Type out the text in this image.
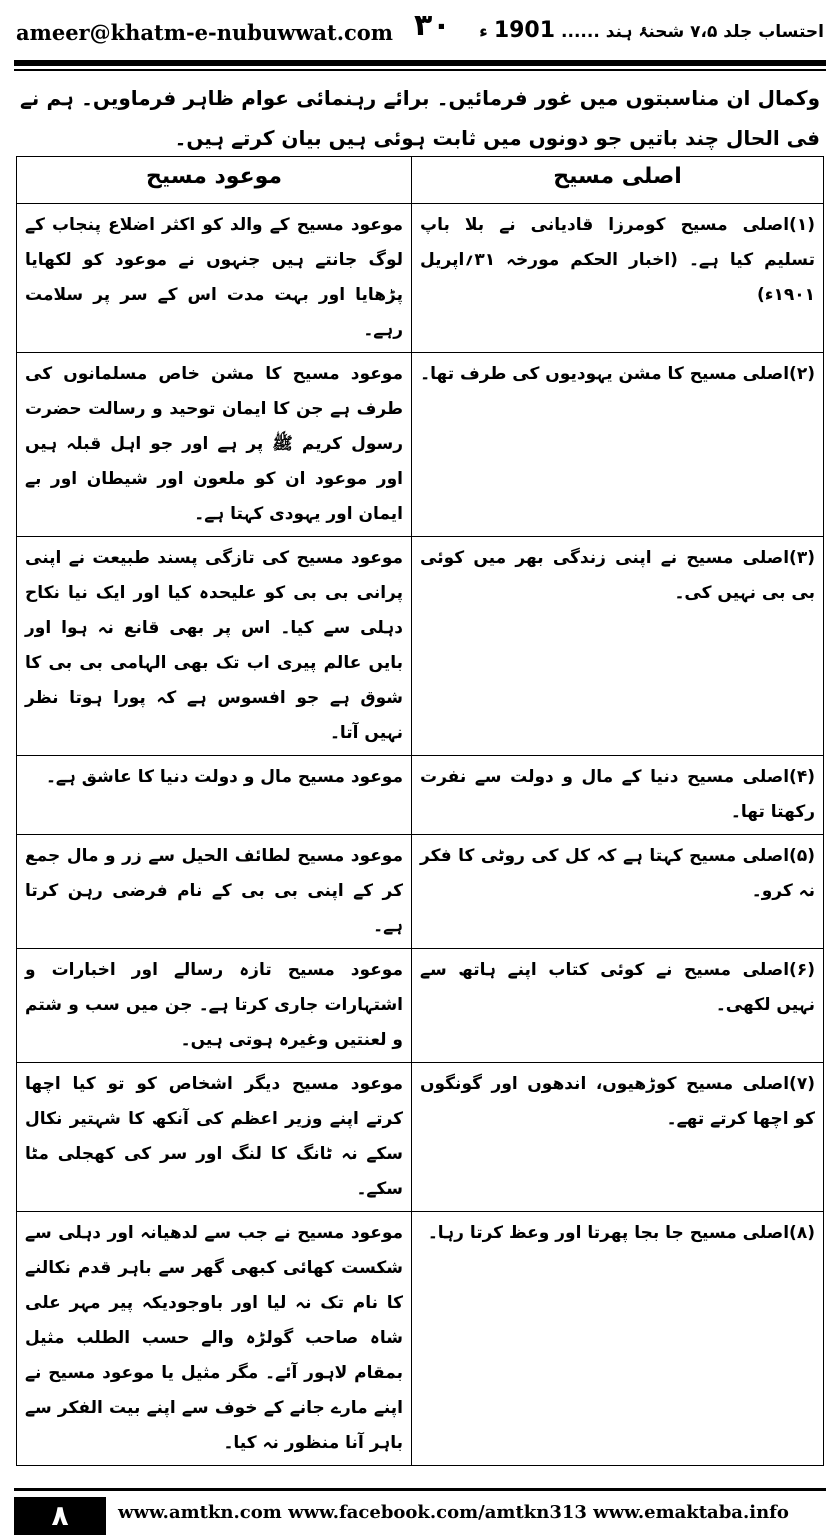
ameer@khatm-e-nubuwwat.com ۳۰	احتساب جلد ۷،۵ شحنۂ ہند ......1901ء
وکمال ان مناسبتوں میں غور فرمائیں۔ برائے رہنمائی عوام ظاہر فرماویں۔ ہم نے فی الحال چند باتیں جو دونوں میں ثابت ہوئی ہیں بیان کرتے ہیں۔
اصلی مسیح	موعود مسیح
(۱)اصلی مسیح کومرزا قادیانی نے بلا باپ تسلیم کیا ہے۔ (اخبار الحکم مورخہ ۳۱؍اپریل ۱۹۰۱ء)	موعود مسیح کے والد کو اکثر اضلاع پنجاب کے لوگ جانتے ہیں جنہوں نے موعود کو لکھایا پڑھایا اور بہت مدت اس کے سر پر سلامت رہے۔
(۲)اصلی مسیح کا مشن یہودیوں کی طرف تھا۔	موعود مسیح کا مشن خاص مسلمانوں کی طرف ہے جن کا ایمان توحید و رسالت حضرت رسول کریم ﷺ پر ہے اور جو اہل قبلہ ہیں اور موعود ان کو ملعون اور شیطان اور بے ایمان اور یہودی کہتا ہے۔
(۳)اصلی مسیح نے اپنی زندگی بھر میں کوئی بی بی نہیں کی۔	موعود مسیح کی تازگی پسند طبیعت نے اپنی پرانی بی بی کو علیحدہ کیا اور ایک نیا نکاح دہلی سے کیا۔ اس پر بھی قانع نہ ہوا اور بایں عالم پیری اب تک بھی الہامی بی بی کا شوق ہے جو افسوس ہے کہ پورا ہوتا نظر نہیں آتا۔
(۴)اصلی مسیح دنیا کے مال و دولت سے نفرت رکھتا تھا۔	موعود مسیح مال و دولت دنیا کا عاشق ہے۔
(۵)اصلی مسیح کہتا ہے کہ کل کی روٹی کا فکر نہ کرو۔	موعود مسیح لطائف الحیل سے زر و مال جمع کر کے اپنی بی بی کے نام فرضی رہن کرتا ہے۔
(۶)اصلی مسیح نے کوئی کتاب اپنے ہاتھ سے نہیں لکھی۔	موعود مسیح تازہ رسالے اور اخبارات و اشتہارات جاری کرتا ہے۔ جن میں سب و شتم و لعنتیں وغیرہ ہوتی ہیں۔
(۷)اصلی مسیح کوڑھیوں، اندھوں اور گونگوں کو اچھا کرتے تھے۔	موعود مسیح دیگر اشخاص کو تو کیا اچھا کرتے اپنے وزیر اعظم کی آنکھ کا شہتیر نکال سکے نہ ٹانگ کا لنگ اور سر کی کھجلی مٹا سکے۔
(۸)اصلی مسیح جا بجا پھرتا اور وعظ کرتا رہا۔	موعود مسیح نے جب سے لدھیانہ اور دہلی سے شکست کھائی کبھی گھر سے باہر قدم نکالنے کا نام تک نہ لیا اور باوجودیکہ پیر مہر علی شاہ صاحب گولڑہ والے حسب الطلب مثیل بمقام لاہور آئے۔ مگر مثیل یا موعود مسیح نے اپنے مارے جانے کے خوف سے اپنے بیت الفکر سے باہر آنا منظور نہ کیا۔
۸	www.amtkn.com www.facebook.com/amtkn313 www.emaktaba.info
